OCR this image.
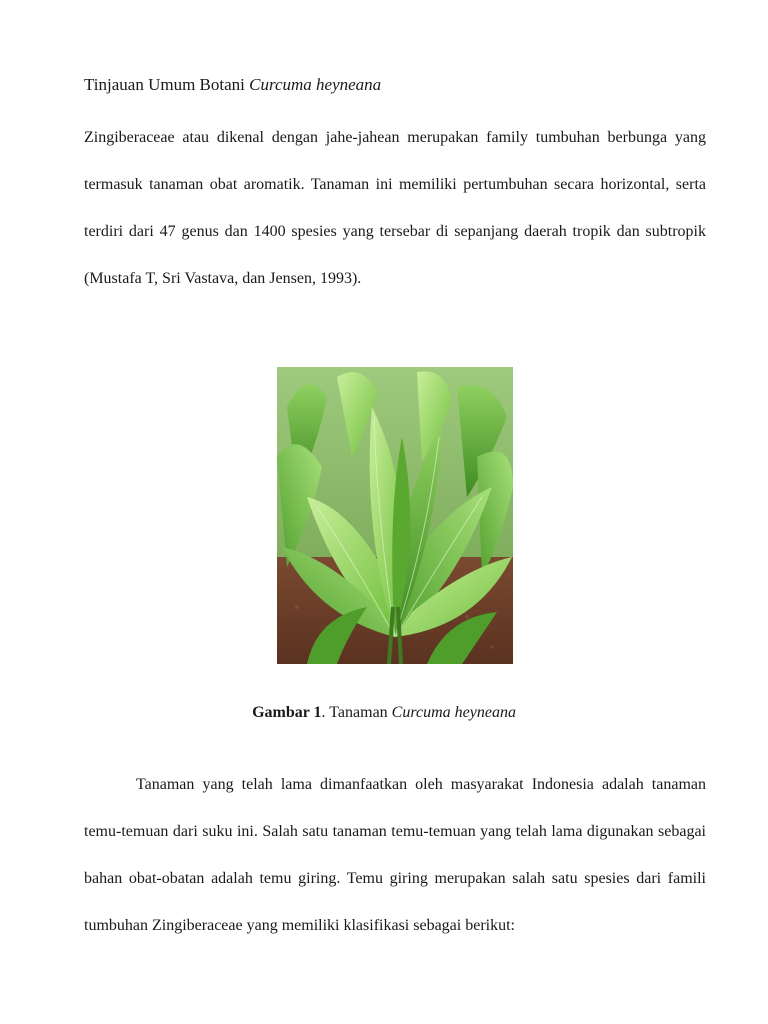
Tinjauan Umum Botani Curcuma heyneana

Zingiberaceae atau dikenal dengan jahe-jahean merupakan family tumbuhan berbunga yang termasuk tanaman obat aromatik. Tanaman ini memiliki pertumbuhan secara horizontal, serta terdiri dari 47 genus dan 1400 spesies yang tersebar di sepanjang daerah tropik dan subtropik (Mustafa T, Sri Vastava, dan Jensen, 1993).

Gambar 1. Tanaman Curcuma heyneana

Tanaman yang telah lama dimanfaatkan oleh masyarakat Indonesia adalah tanaman temu-temuan dari suku ini. Salah satu tanaman temu-temuan yang telah lama digunakan sebagai bahan obat-obatan adalah temu giring. Temu giring merupakan salah satu spesies dari famili tumbuhan Zingiberaceae yang memiliki klasifikasi sebagai berikut:
